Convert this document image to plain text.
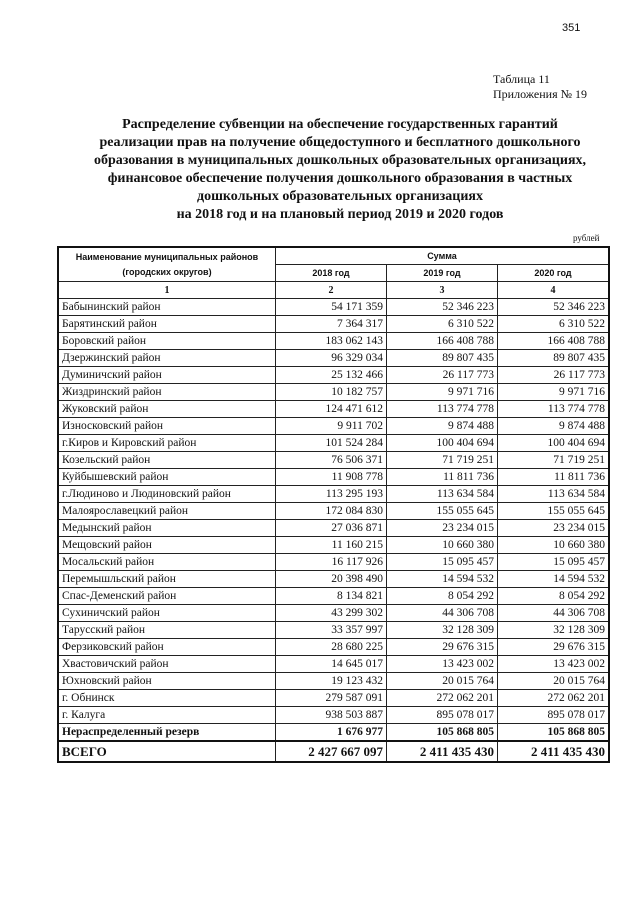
351
Таблица 11
Приложения № 19
Распределение субвенции на обеспечение государственных гарантий
реализации прав на получение общедоступного и бесплатного дошкольного
образования в муниципальных дошкольных образовательных организациях,
финансовое обеспечение получения дошкольного образования в частных
дошкольных образовательных организациях
на 2018 год и на плановый период 2019 и 2020 годов
рублей
Наименование муниципальных районов (городских округов)	Сумма		
	2018 год	2019 год	2020 год
1	2	3	4
Бабынинский район	54 171 359	52 346 223	52 346 223
Барятинский район	7 364 317	6 310 522	6 310 522
Боровский район	183 062 143	166 408 788	166 408 788
Дзержинский район	96 329 034	89 807 435	89 807 435
Думиничский район	25 132 466	26 117 773	26 117 773
Жиздринский район	10 182 757	9 971 716	9 971 716
Жуковский район	124 471 612	113 774 778	113 774 778
Износковский район	9 911 702	9 874 488	9 874 488
г.Киров и Кировский район	101 524 284	100 404 694	100 404 694
Козельский район	76 506 371	71 719 251	71 719 251
Куйбышевский район	11 908 778	11 811 736	11 811 736
г.Людиново и Людиновский район	113 295 193	113 634 584	113 634 584
Малоярославецкий район	172 084 830	155 055 645	155 055 645
Медынский район	27 036 871	23 234 015	23 234 015
Мещовский район	11 160 215	10 660 380	10 660 380
Мосальский район	16 117 926	15 095 457	15 095 457
Перемышльский район	20 398 490	14 594 532	14 594 532
Спас-Деменский район	8 134 821	8 054 292	8 054 292
Сухиничский район	43 299 302	44 306 708	44 306 708
Тарусский район	33 357 997	32 128 309	32 128 309
Ферзиковский район	28 680 225	29 676 315	29 676 315
Хвастовичский район	14 645 017	13 423 002	13 423 002
Юхновский район	19 123 432	20 015 764	20 015 764
г. Обнинск	279 587 091	272 062 201	272 062 201
г. Калуга	938 503 887	895 078 017	895 078 017
Нераспределенный резерв	1 676 977	105 868 805	105 868 805
ВСЕГО	2 427 667 097	2 411 435 430	2 411 435 430
